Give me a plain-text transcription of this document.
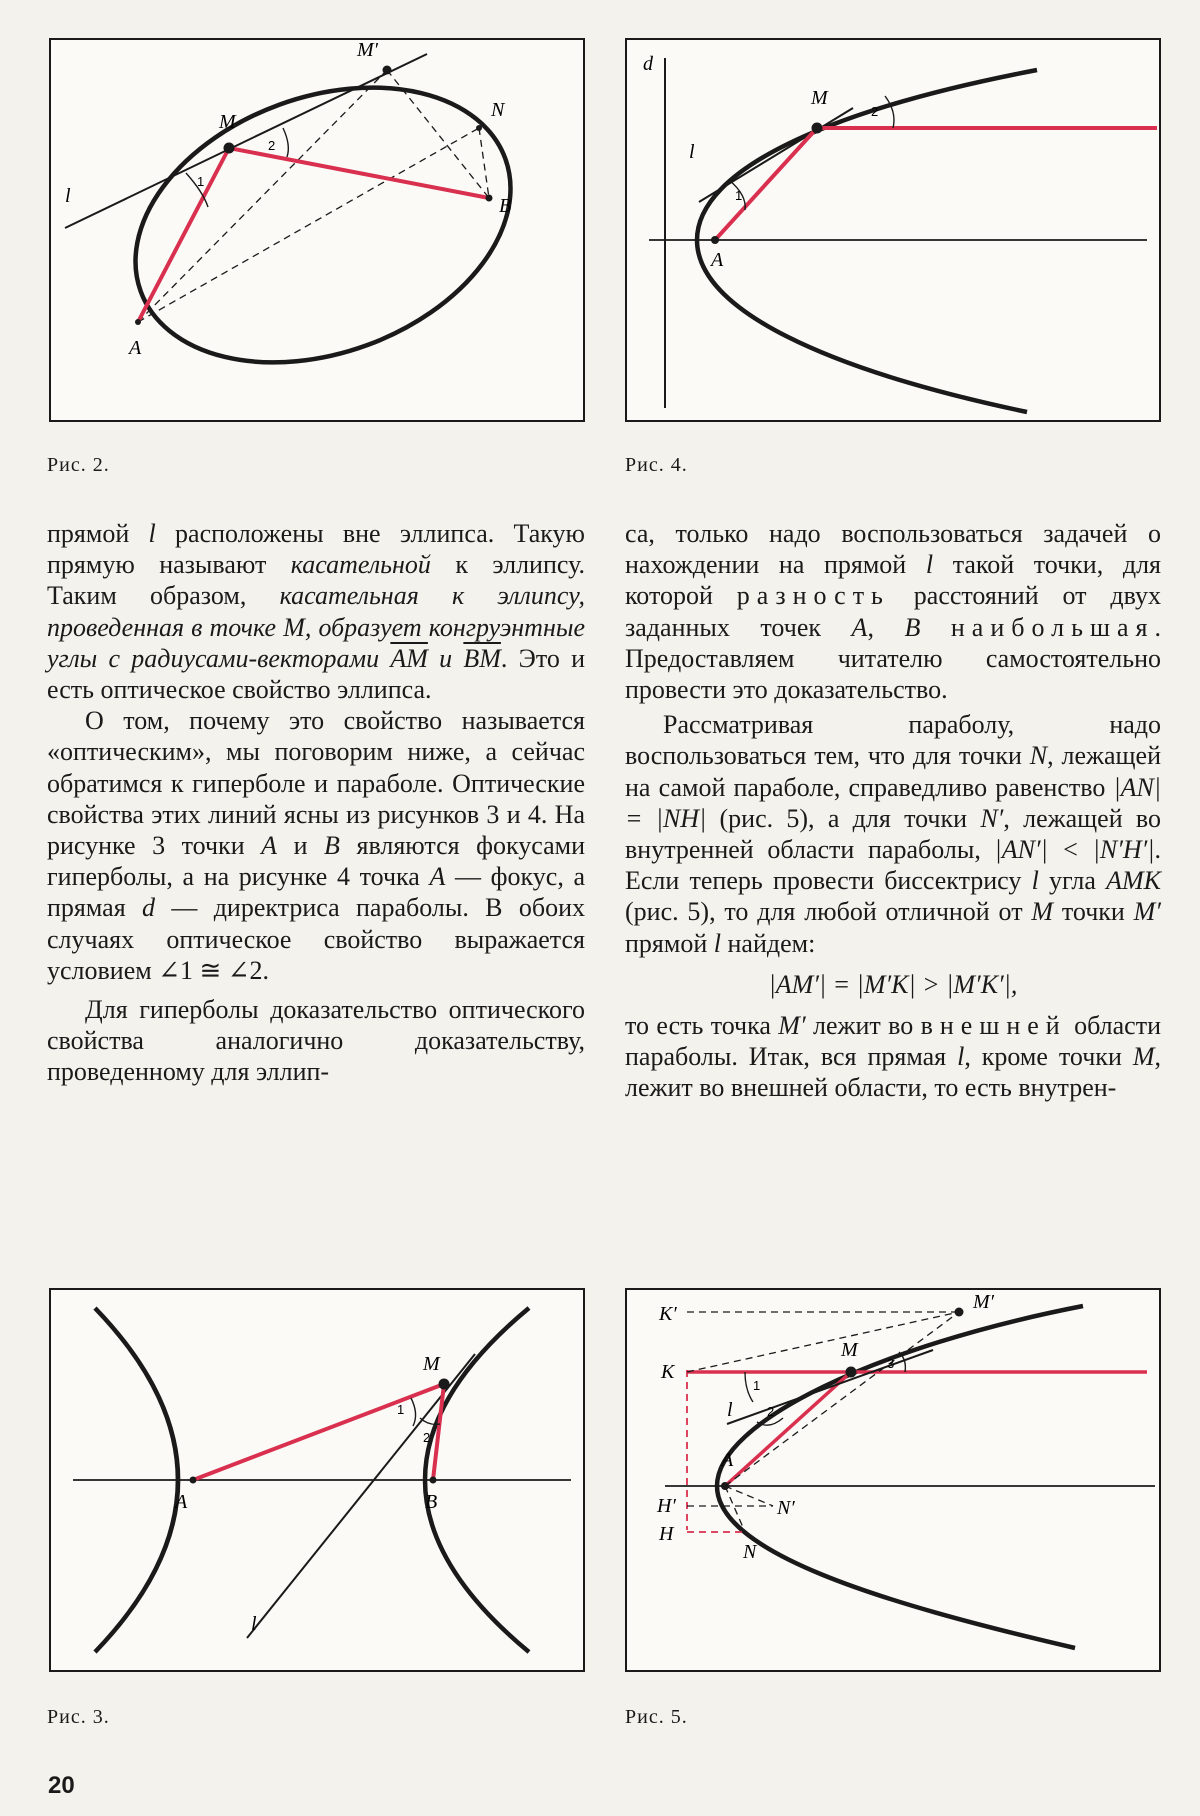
M′
M
N
l	B
A
1
2
Рис. 2.
d
M
l
A
1
2
Рис. 4.

прямой l расположены вне эллипса. Такую прямую называют касательной к эллипсу. Таким образом, касательная к эллипсу, проведенная в точке M, образует конгруэнтные углы с радиусами-векторами $\overline{AM}$ и $\overline{BM}$. Это и есть оптическое свойство эллипса.

О том, почему это свойство называется «оптическим», мы поговорим ниже, а сейчас обратимся к гиперболе и параболе. Оптические свойства этих линий ясны из рисунков 3 и 4. На рисунке 3 точки A и B являются фокусами гиперболы, а на рисунке 4 точка A — фокус, а прямая d — директриса параболы. В обоих случаях оптическое свойство выражается условием ∠1 ≅ ∠2.

Для гиперболы доказательство оптического свойства аналогично доказательству, проведенному для эллип-

са, только надо воспользоваться задачей о нахождении на прямой l такой точки, для которой разность расстояний от двух заданных точек A, B наибольшая. Предоставляем читателю самостоятельно провести это доказательство.

Рассматривая параболу, надо воспользоваться тем, что для точки N, лежащей на самой параболе, справедливо равенство |AN| = |NH| (рис. 5), а для точки N′, лежащей во внутренней области параболы, |AN′| < |N′H′|. Если теперь провести биссектрису l угла AMK (рис. 5), то для любой отличной от M точки M′ прямой l найдем:

|AM′| = |M′K| > |M′K′|,

то есть точка M′ лежит во внешней области параболы. Итак, вся прямая l, кроме точки M, лежит во внешней области, то есть внутрен-

M
A	B
l
1
2
Рис. 3.
K′
M′
M
K
l
A
H′	N′
H
N
1
2
3
Рис. 5.
20
